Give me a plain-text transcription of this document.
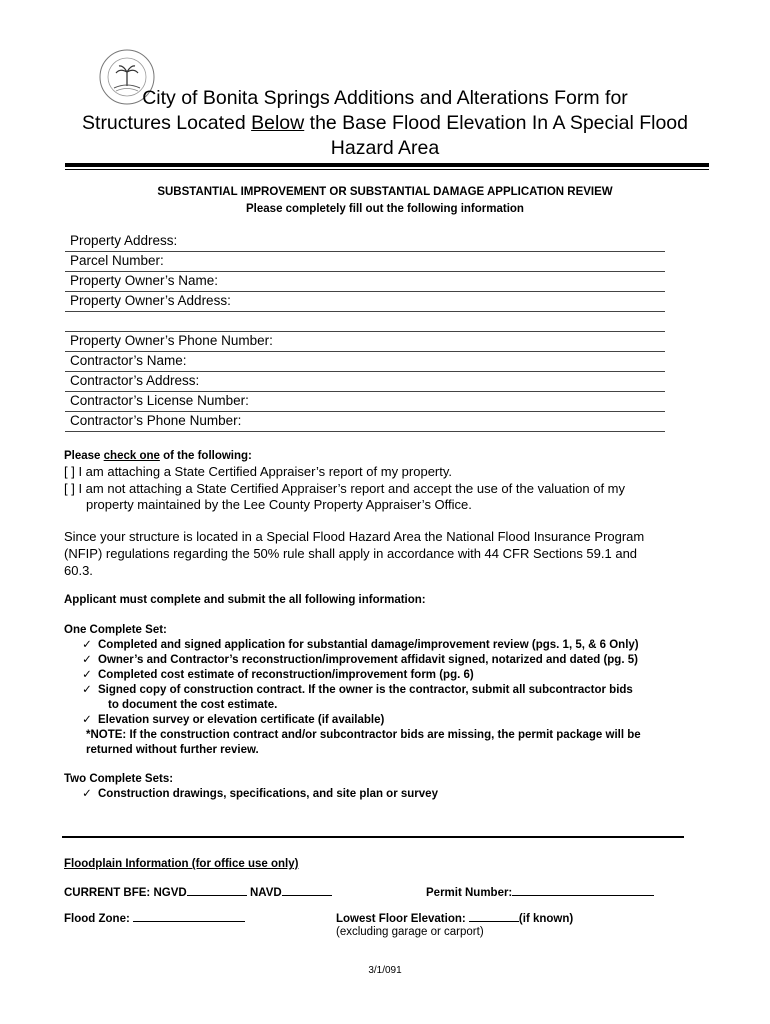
City of Bonita Springs Additions and Alterations Form for
Structures Located Below the Base Flood Elevation In A Special Flood
Hazard Area
SUBSTANTIAL IMPROVEMENT OR SUBSTANTIAL DAMAGE APPLICATION REVIEW
Please completely fill out the following information
Property Address:
Parcel Number:
Property Owner’s Name:
Property Owner’s Address:
Property Owner’s Phone Number:
Contractor’s Name:
Contractor’s Address:
Contractor’s License Number:
Contractor’s Phone Number:
Please check one of the following:
[ ] I am attaching a State Certified Appraiser’s report of my property.
[ ] I am not attaching a State Certified Appraiser’s report and accept the use of the valuation of my
property maintained by the Lee County Property Appraiser’s Office.
Since your structure is located in a Special Flood Hazard Area the National Flood Insurance Program
(NFIP) regulations regarding the 50% rule shall apply in accordance with 44 CFR Sections 59.1 and
60.3.
Applicant must complete and submit the all following information:
One Complete Set:
✓ Completed and signed application for substantial damage/improvement review (pgs. 1, 5, & 6 Only)
✓ Owner’s and Contractor’s reconstruction/improvement affidavit signed, notarized and dated (pg. 5)
✓ Completed cost estimate of reconstruction/improvement form (pg. 6)
✓ Signed copy of construction contract. If the owner is the contractor, submit all subcontractor bids
to document the cost estimate.
✓ Elevation survey or elevation certificate (if available)
*NOTE: If the construction contract and/or subcontractor bids are missing, the permit package will be
returned without further review.
Two Complete Sets:
✓ Construction drawings, specifications, and site plan or survey
Floodplain Information (for office use only)
CURRENT BFE: NGVD	NAVD	Permit Number:
Flood Zone:	Lowest Floor Elevation:	(if known)
(excluding garage or carport)
3/1/091
